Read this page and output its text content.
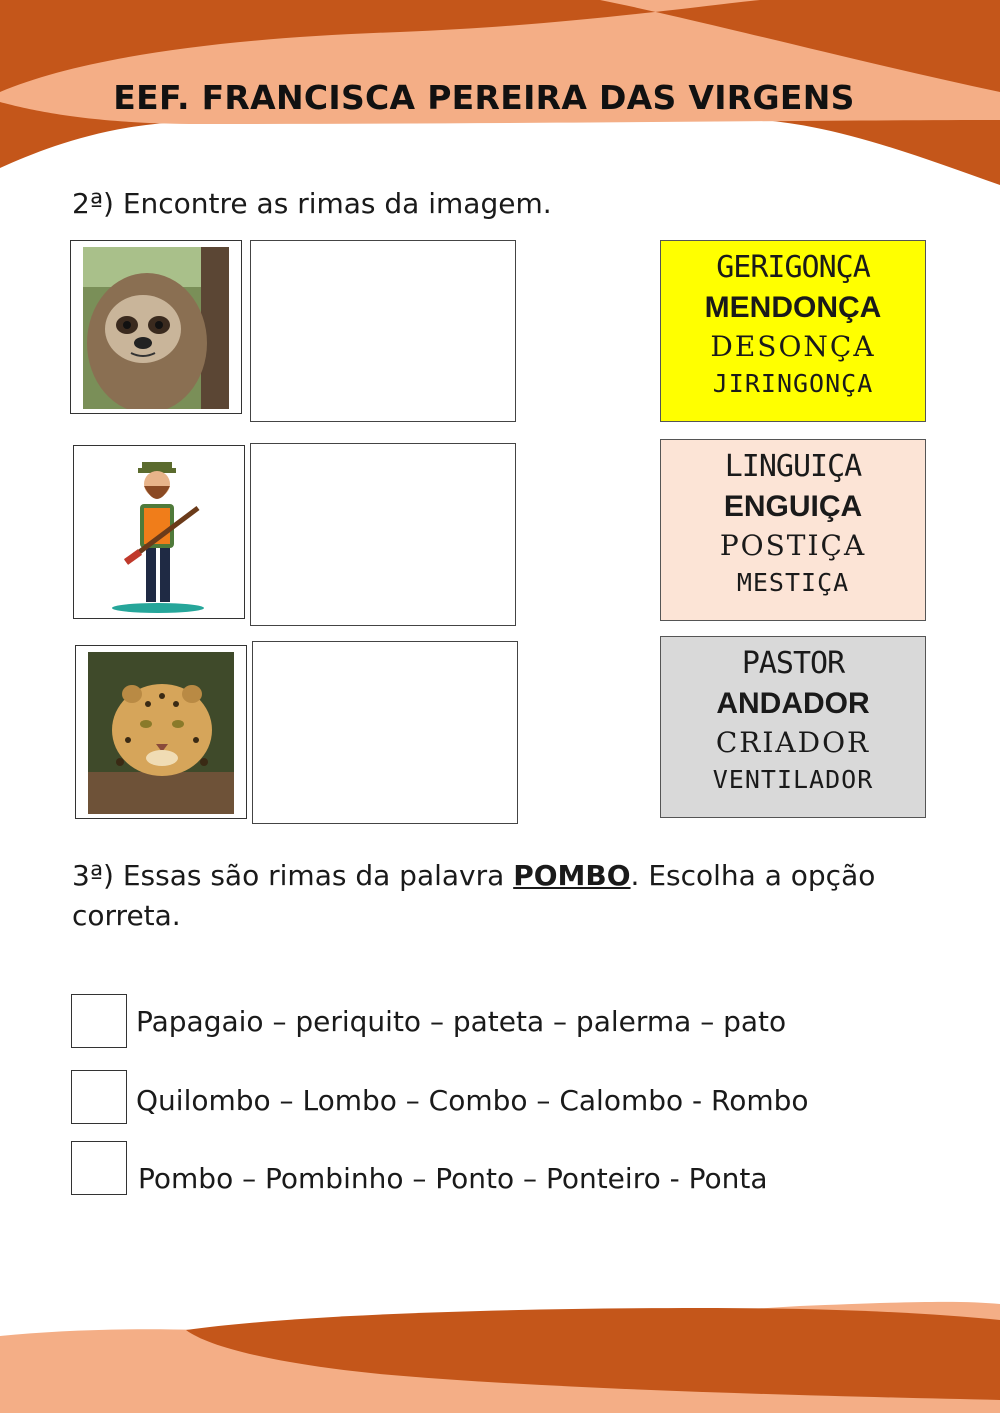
EEF. FRANCISCA PEREIRA DAS VIRGENS
2ª) Encontre as rimas da imagem.
GERIGONÇA
MENDONÇA
DESONÇA
JIRINGONÇA
LINGUIÇA
ENGUIÇA
POSTIÇA
MESTIÇA
PASTOR
ANDADOR
CRIADOR
VENTILADOR
3ª) Essas são rimas da palavra POMBO. Escolha a opção correta.
Papagaio – periquito – pateta – palerma – pato
Quilombo – Lombo – Combo – Calombo - Rombo
Pombo – Pombinho – Ponto – Ponteiro - Ponta
